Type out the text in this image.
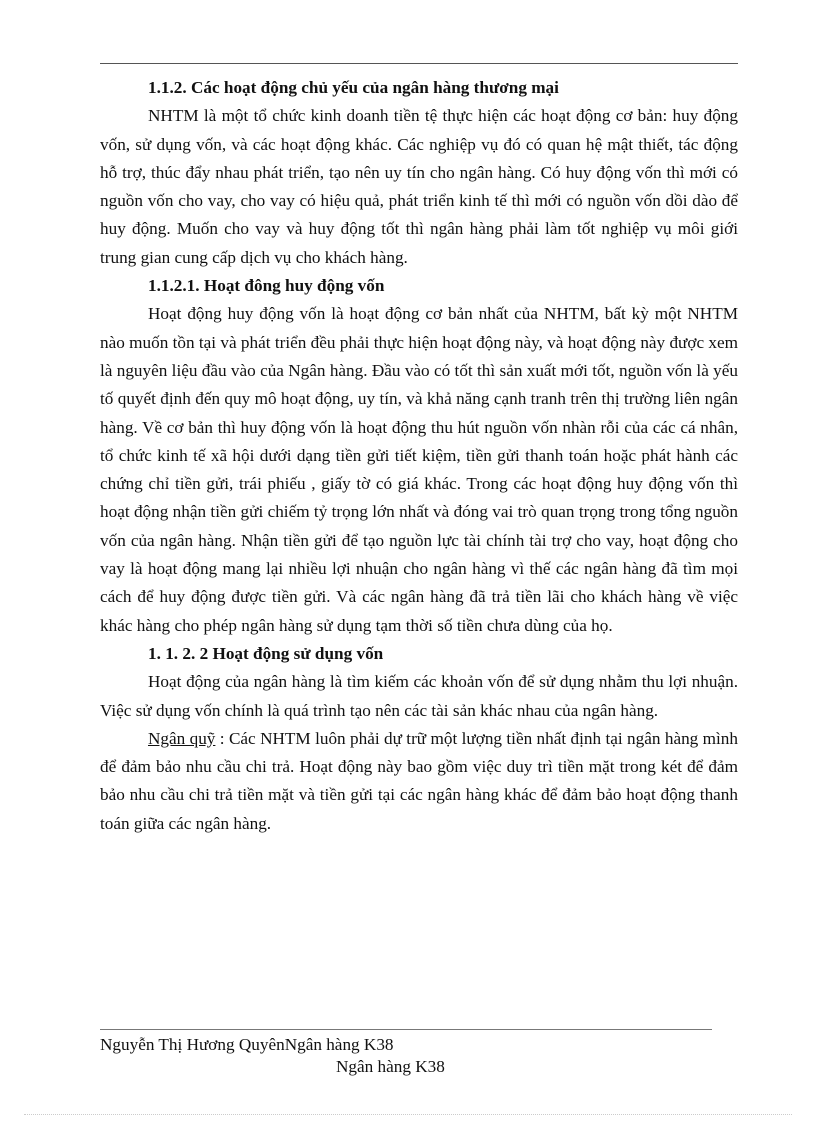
1.1.2. Các hoạt động chủ yếu của ngân hàng thương mại

NHTM là một tổ chức kinh doanh tiền tệ thực hiện các hoạt động cơ bản: huy động vốn, sử dụng vốn, và các hoạt động khác. Các nghiệp vụ đó có quan hệ mật thiết, tác động hỗ trợ, thúc đẩy nhau phát triển, tạo nên uy tín cho ngân hàng. Có huy động vốn thì mới có nguồn vốn cho vay, cho vay có hiệu quả, phát triển kinh tế thì mới có nguồn vốn dồi dào để huy động. Muốn cho vay và huy động tốt thì ngân hàng phải làm tốt nghiệp vụ môi giới trung gian cung cấp dịch vụ cho khách hàng.

1.1.2.1. Hoạt đông huy động vốn

Hoạt động huy động vốn là hoạt động cơ bản nhất của NHTM, bất kỳ một NHTM nào muốn tồn tại và phát triển đều phải thực hiện hoạt động này, và hoạt động này được xem là nguyên liệu đầu vào của Ngân hàng. Đầu vào có tốt thì sản xuất mới tốt, nguồn vốn là yếu tố quyết định đến quy mô hoạt động, uy tín, và khả năng cạnh tranh trên thị trường liên ngân hàng. Về cơ bản thì huy động vốn là hoạt động thu hút nguồn vốn nhàn rỗi của các cá nhân, tổ chức kinh tế xã hội dưới dạng tiền gửi tiết kiệm, tiền gửi thanh toán hoặc phát hành các chứng chỉ tiền gửi, trái phiếu , giấy tờ có giá khác. Trong các hoạt động huy động vốn thì hoạt động nhận tiền gửi chiếm tỷ trọng lớn nhất và đóng vai trò quan trọng trong tổng nguồn vốn của ngân hàng. Nhận tiền gửi để tạo nguồn lực tài chính tài trợ cho vay, hoạt động cho vay là hoạt động mang lại nhiều lợi nhuận cho ngân hàng vì thế các ngân hàng đã tìm mọi cách để huy động được tiền gửi. Và các ngân hàng đã trả tiền lãi cho khách hàng về việc khác hàng cho phép ngân hàng sử dụng tạm thời số tiền chưa dùng của họ.

1. 1. 2. 2 Hoạt động sử dụng vốn

Hoạt động của ngân hàng là tìm kiếm các khoản vốn để sử dụng nhằm thu lợi nhuận. Việc sử dụng vốn chính là quá trình tạo nên các tài sản khác nhau của ngân hàng.

Ngân quỹ : Các NHTM luôn phải dự trữ một lượng tiền nhất định tại ngân hàng mình để đảm bảo nhu cầu chi trả. Hoạt động này bao gồm việc duy trì tiền mặt trong két để đảm bảo nhu cầu chi trả tiền mặt và tiền gửi tại các ngân hàng khác để đảm bảo hoạt động thanh toán giữa các ngân hàng.

Nguyễn Thị Hương QuyênNgân hàng K38
Ngân hàng K38
